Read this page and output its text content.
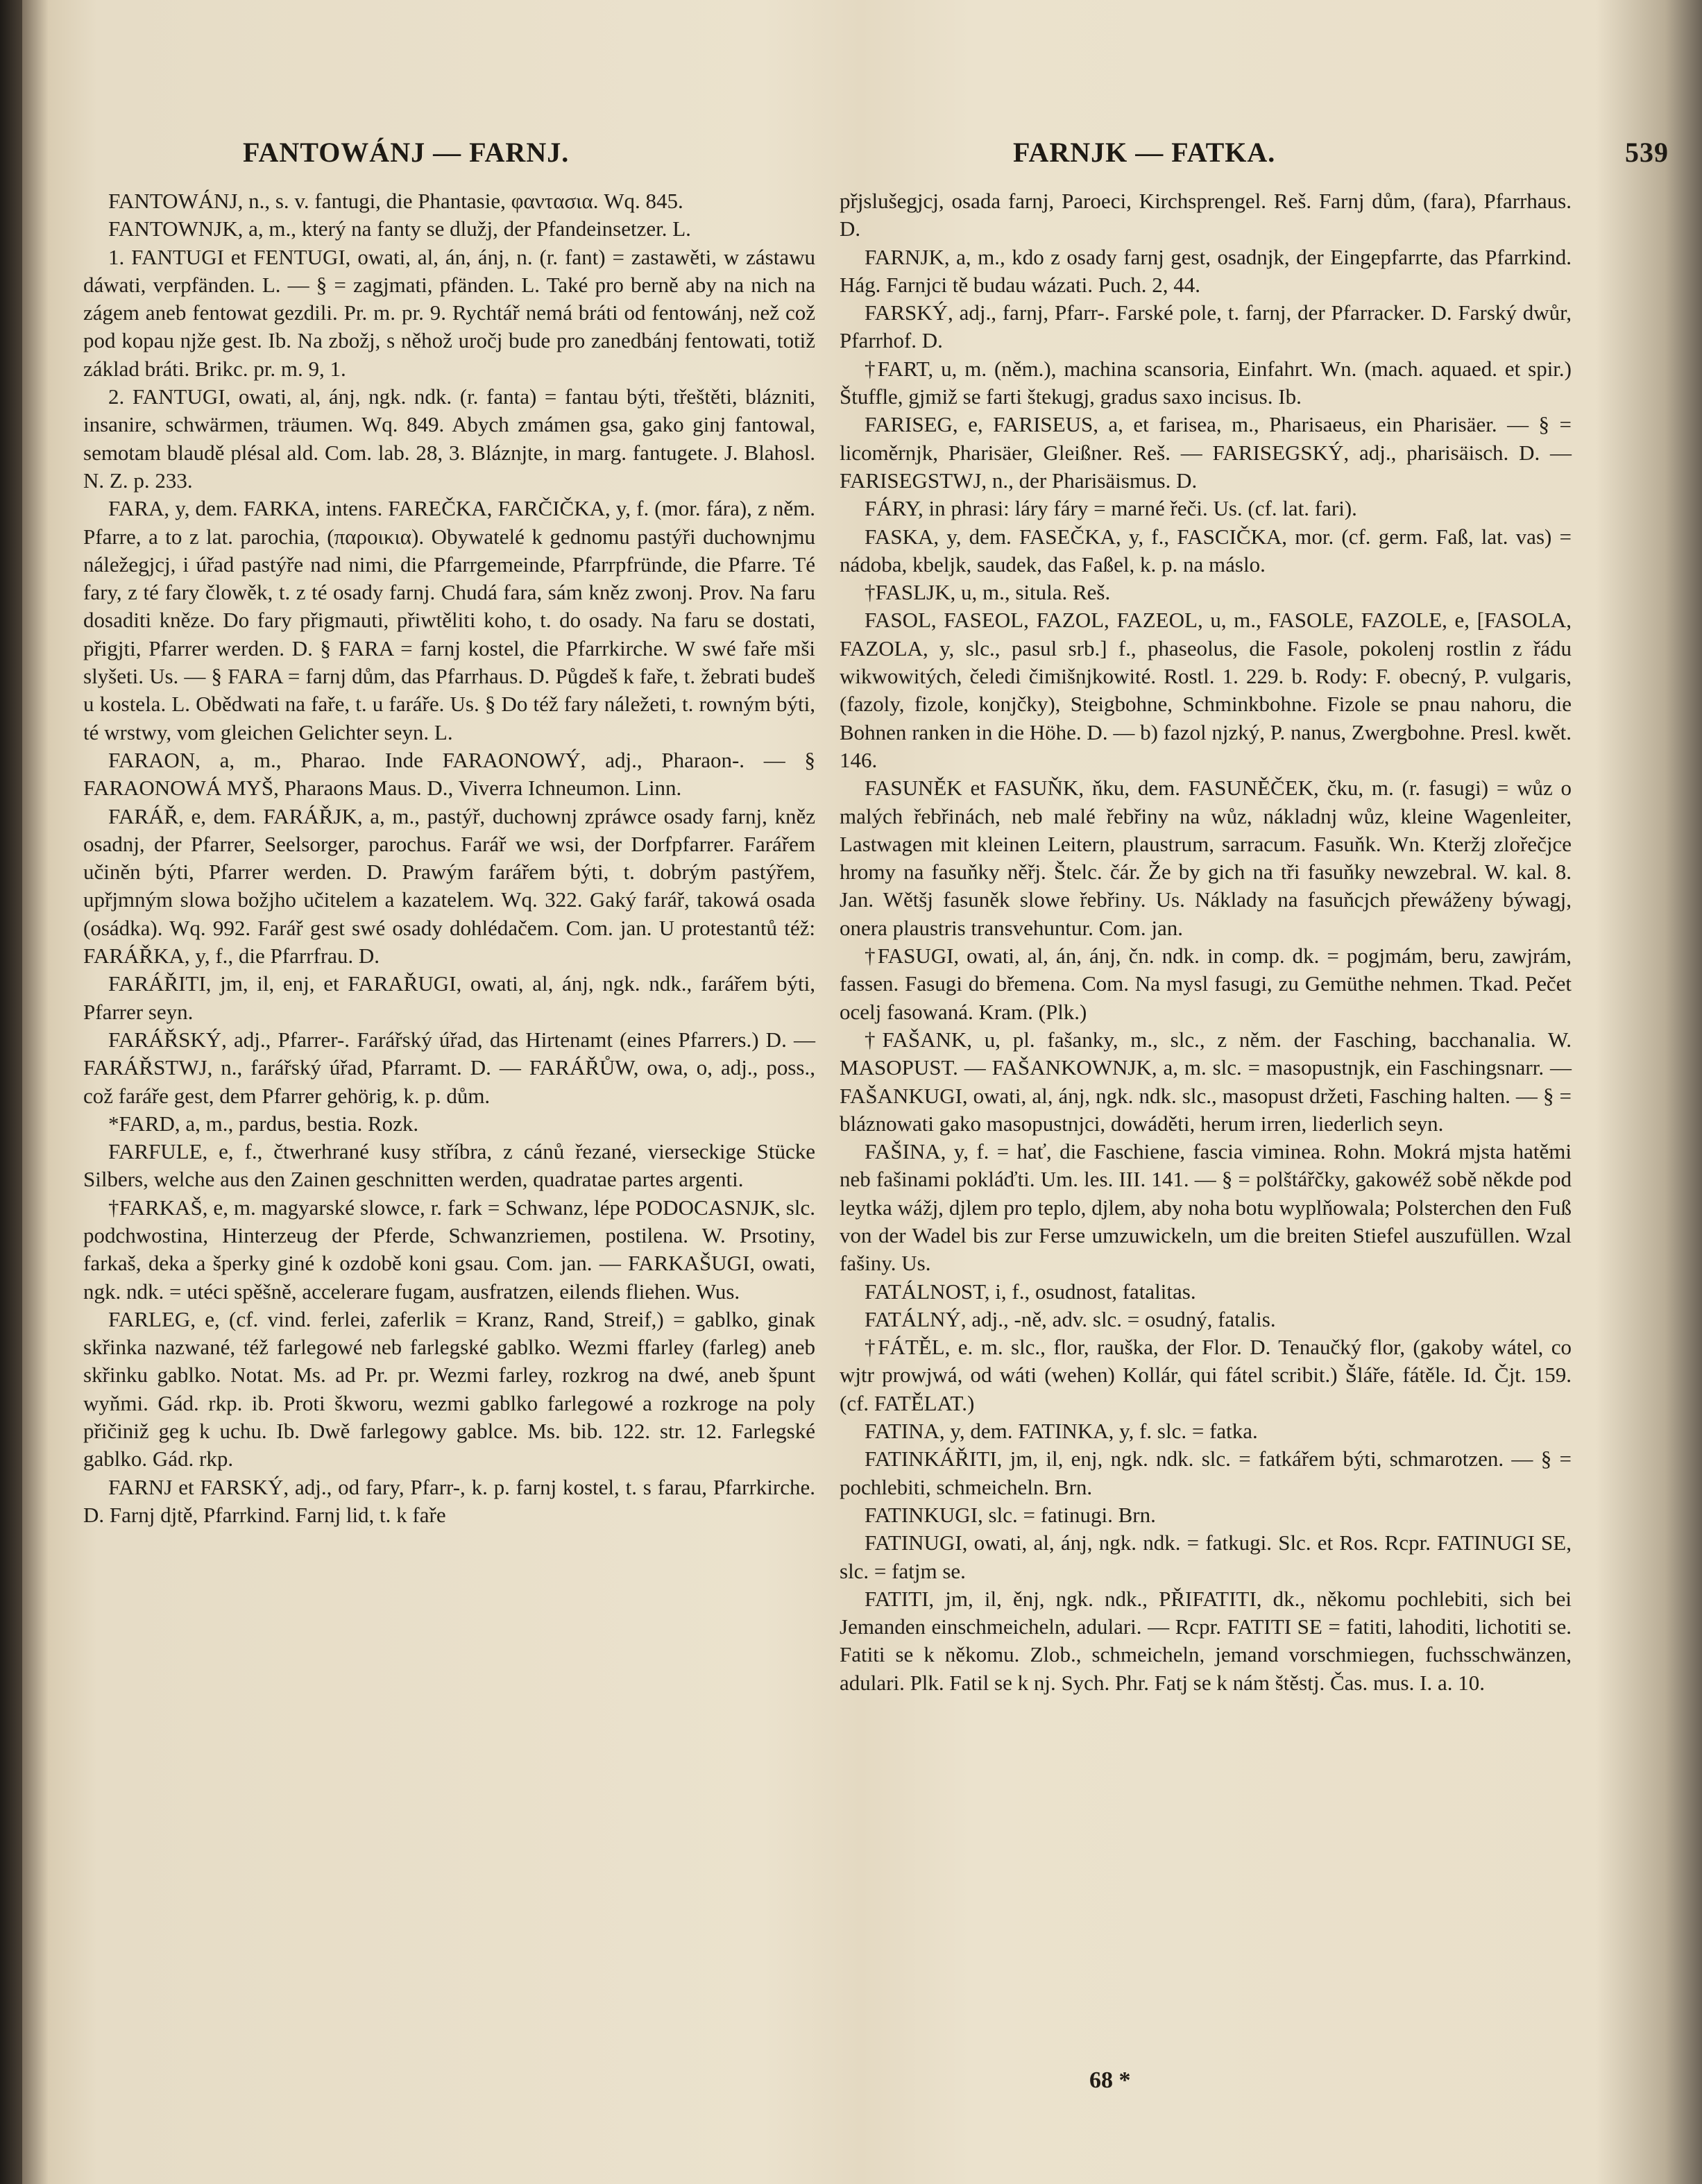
FANTOWÁNJ — FARNJ.	FARNJK — FATKA.	539

FANTOWÁNJ, n., s. v. fantugi, die Phantasie, φαντασια. Wq. 845.

FANTOWNJK, a, m., který na fanty se dlužj, der Pfandeinsetzer. L.

1. FANTUGI et FENTUGI, owati, al, án, ánj, n. (r. fant) = zastawěti, w zástawu dáwati, verpfänden. L. — § = zagjmati, pfänden. L. Také pro berně aby na nich na zágem aneb fentowat gezdili. Pr. m. pr. 9. Rychtář nemá bráti od fentowánj, než což pod kopau njže gest. Ib. Na zbožj, s něhož uročj bude pro zanedbánj fentowati, totiž základ bráti. Brikc. pr. m. 9, 1.

2. FANTUGI, owati, al, ánj, ngk. ndk. (r. fanta) = fantau býti, třeštěti, blázniti, insanire, schwärmen, träumen. Wq. 849. Abych zmámen gsa, gako ginj fantowal, semotam blaudě plésal ald. Com. lab. 28, 3. Bláznjte, in marg. fantugete. J. Blahosl. N. Z. p. 233.

FARA, y, dem. FARKA, intens. FAREČKA, FARČIČKA, y, f. (mor. fára), z něm. Pfarre, a to z lat. parochia, (παροικια). Obywatelé k gednomu pastýři duchownjmu náležegjcj, i úřad pastýře nad nimi, die Pfarrgemeinde, Pfarrpfründe, die Pfarre. Té fary, z té fary člowěk, t. z té osady farnj. Chudá fara, sám kněz zwonj. Prov. Na faru dosaditi kněze. Do fary přigmauti, přiwtěliti koho, t. do osady. Na faru se dostati, přigjti, Pfarrer werden. D. § FARA = farnj kostel, die Pfarrkirche. W swé faře mši slyšeti. Us. — § FARA = farnj dům, das Pfarrhaus. D. Půgdeš k faře, t. žebrati budeš u kostela. L. Obědwati na faře, t. u faráře. Us. § Do též fary náležeti, t. rowným býti, té wrstwy, vom gleichen Gelichter seyn. L.

FARAON, a, m., Pharao. Inde FARAONOWÝ, adj., Pharaon-. — § FARAONOWÁ MYŠ, Pharaons Maus. D., Viverra Ichneumon. Linn.

FARÁŘ, e, dem. FARÁŘJK, a, m., pastýř, duchownj zpráwce osady farnj, kněz osadnj, der Pfarrer, Seelsorger, parochus. Farář we wsi, der Dorfpfarrer. Farářem učiněn býti, Pfarrer werden. D. Prawým farářem býti, t. dobrým pastýřem, upřjmným slowa božjho učitelem a kazatelem. Wq. 322. Gaký farář, takowá osada (osádka). Wq. 992. Farář gest swé osady dohlédačem. Com. jan. U protestantů též: FARÁŘKA, y, f., die Pfarrfrau. D.

FARÁŘITI, jm, il, enj, et FARAŘUGI, owati, al, ánj, ngk. ndk., farářem býti, Pfarrer seyn.

FARÁŘSKÝ, adj., Pfarrer-. Farářský úřad, das Hirtenamt (eines Pfarrers.) D. — FARÁŘSTWJ, n., farářský úřad, Pfarramt. D. — FARÁŘŮW, owa, o, adj., poss., což faráře gest, dem Pfarrer gehörig, k. p. dům.

*FARD, a, m., pardus, bestia. Rozk.

FARFULE, e, f., čtwerhrané kusy stříbra, z cánů řezané, vierseckige Stücke Silbers, welche aus den Zainen geschnitten werden, quadratae partes argenti.

†FARKAŠ, e, m. magyarské slowce, r. fark = Schwanz, lépe PODOCASNJK, slc. podchwostina, Hinterzeug der Pferde, Schwanzriemen, postilena. W. Prsotiny, farkaš, deka a šperky giné k ozdobě koni gsau. Com. jan. — FARKAŠUGI, owati, ngk. ndk. = utéci spěšně, accelerare fugam, ausfratzen, eilends fliehen. Wus.

FARLEG, e, (cf. vind. ferlei, zaferlik = Kranz, Rand, Streif,) = gablko, ginak skřinka nazwané, též farlegowé neb farlegské gablko. Wezmi ffarley (farleg) aneb skřinku gablko. Notat. Ms. ad Pr. pr. Wezmi farley, rozkrog na dwé, aneb špunt wyňmi. Gád. rkp. ib. Proti škworu, wezmi gablko farlegowé a rozkroge na poly přičiniž geg k uchu. Ib. Dwě farlegowy gablce. Ms. bib. 122. str. 12. Farlegské gablko. Gád. rkp.

FARNJ et FARSKÝ, adj., od fary, Pfarr-, k. p. farnj kostel, t. s farau, Pfarrkirche. D. Farnj djtě, Pfarrkind. Farnj lid, t. k faře

přjslušegjcj, osada farnj, Paroeci, Kirchsprengel. Reš. Farnj dům, (fara), Pfarrhaus. D.

FARNJK, a, m., kdo z osady farnj gest, osadnjk, der Eingepfarrte, das Pfarrkind. Hág. Farnjci tě budau wázati. Puch. 2, 44.

FARSKÝ, adj., farnj, Pfarr-. Farské pole, t. farnj, der Pfarracker. D. Farský dwůr, Pfarrhof. D.

†FART, u, m. (něm.), machina scansoria, Einfahrt. Wn. (mach. aquaed. et spir.) Štuffle, gjmiž se farti štekugj, gradus saxo incisus. Ib.

FARISEG, e, FARISEUS, a, et farisea, m., Pharisaeus, ein Pharisäer. — § = licoměrnjk, Pharisäer, Gleißner. Reš. — FARISEGSKÝ, adj., pharisäisch. D. — FARISEGSTWJ, n., der Pharisäismus. D.

FÁRY, in phrasi: láry fáry = marné řeči. Us. (cf. lat. fari).

FASKA, y, dem. FASEČKA, y, f., FASCIČKA, mor. (cf. germ. Faß, lat. vas) = nádoba, kbeljk, saudek, das Faßel, k. p. na máslo.

†FASLJK, u, m., situla. Reš.

FASOL, FASEOL, FAZOL, FAZEOL, u, m., FASOLE, FAZOLE, e, [FASOLA, FAZOLA, y, slc., pasul srb.] f., phaseolus, die Fasole, pokolenj rostlin z řádu wikwowitých, čeledi čimišnjkowité. Rostl. 1. 229. b. Rody: F. obecný, P. vulgaris, (fazoly, fizole, konjčky), Steigbohne, Schminkbohne. Fizole se pnau nahoru, die Bohnen ranken in die Höhe. D. — b) fazol njzký, P. nanus, Zwergbohne. Presl. kwět. 146.

FASUNĚK et FASUŇK, ňku, dem. FASUNĚČEK, čku, m. (r. fasugi) = wůz o malých řebřinách, neb malé řebřiny na wůz, nákladnj wůz, kleine Wagenleiter, Lastwagen mit kleinen Leitern, plaustrum, sarracum. Fasuňk. Wn. Kteržj zlořečjce hromy na fasuňky něřj. Štelc. čár. Že by gich na tři fasuňky newzebral. W. kal. 8. Jan. Wětšj fasuněk slowe řebřiny. Us. Náklady na fasuňcjch přewáženy býwagj, onera plaustris transvehuntur. Com. jan.

†FASUGI, owati, al, án, ánj, čn. ndk. in comp. dk. = pogjmám, beru, zawjrám, fassen. Fasugi do břemena. Com. Na mysl fasugi, zu Gemüthe nehmen. Tkad. Pečet ocelj fasowaná. Kram. (Plk.)

†FAŠANK, u, pl. fašanky, m., slc., z něm. der Fasching, bacchanalia. W. MASOPUST. — FAŠANKOWNJK, a, m. slc. = masopustnjk, ein Faschingsnarr. — FAŠANKUGI, owati, al, ánj, ngk. ndk. slc., masopust držeti, Fasching halten. — § = bláznowati gako masopustnjci, dowáděti, herum irren, liederlich seyn.

FAŠINA, y, f. = hať, die Faschiene, fascia viminea. Rohn. Mokrá mjsta hatěmi neb fašinami pokláďti. Um. les. III. 141. — § = polštářčky, gakowéž sobě někde pod leytka wážj, djlem pro teplo, djlem, aby noha botu wyplňowala; Polsterchen den Fuß von der Wadel bis zur Ferse umzuwickeln, um die breiten Stiefel auszufüllen. Wzal fašiny. Us.

FATÁLNOST, i, f., osudnost, fatalitas.

FATÁLNÝ, adj., -ně, adv. slc. = osudný, fatalis.

†FÁTĚL, e. m. slc., flor, rauška, der Flor. D. Tenaučký flor, (gakoby wátel, co wjtr prowjwá, od wáti (wehen) Kollár, qui fátel scribit.) Šláře, fátěle. Id. Čjt. 159. (cf. FATĚLAT.)

FATINA, y, dem. FATINKA, y, f. slc. = fatka.

FATINKÁŘITI, jm, il, enj, ngk. ndk. slc. = fatkářem býti, schmarotzen. — § = pochlebiti, schmeicheln. Brn.

FATINKUGI, slc. = fatinugi. Brn.

FATINUGI, owati, al, ánj, ngk. ndk. = fatkugi. Slc. et Ros. Rcpr. FATINUGI SE, slc. = fatjm se.

FATITI, jm, il, ěnj, ngk. ndk., PŘIFATITI, dk., někomu pochlebiti, sich bei Jemanden einschmeicheln, adulari. — Rcpr. FATITI SE = fatiti, lahoditi, lichotiti se. Fatiti se k někomu. Zlob., schmeicheln, jemand vorschmiegen, fuchsschwänzen, adulari. Plk. Fatil se k nj. Sych. Phr. Fatj se k nám štěstj. Čas. mus. I. a. 10.

68 *
